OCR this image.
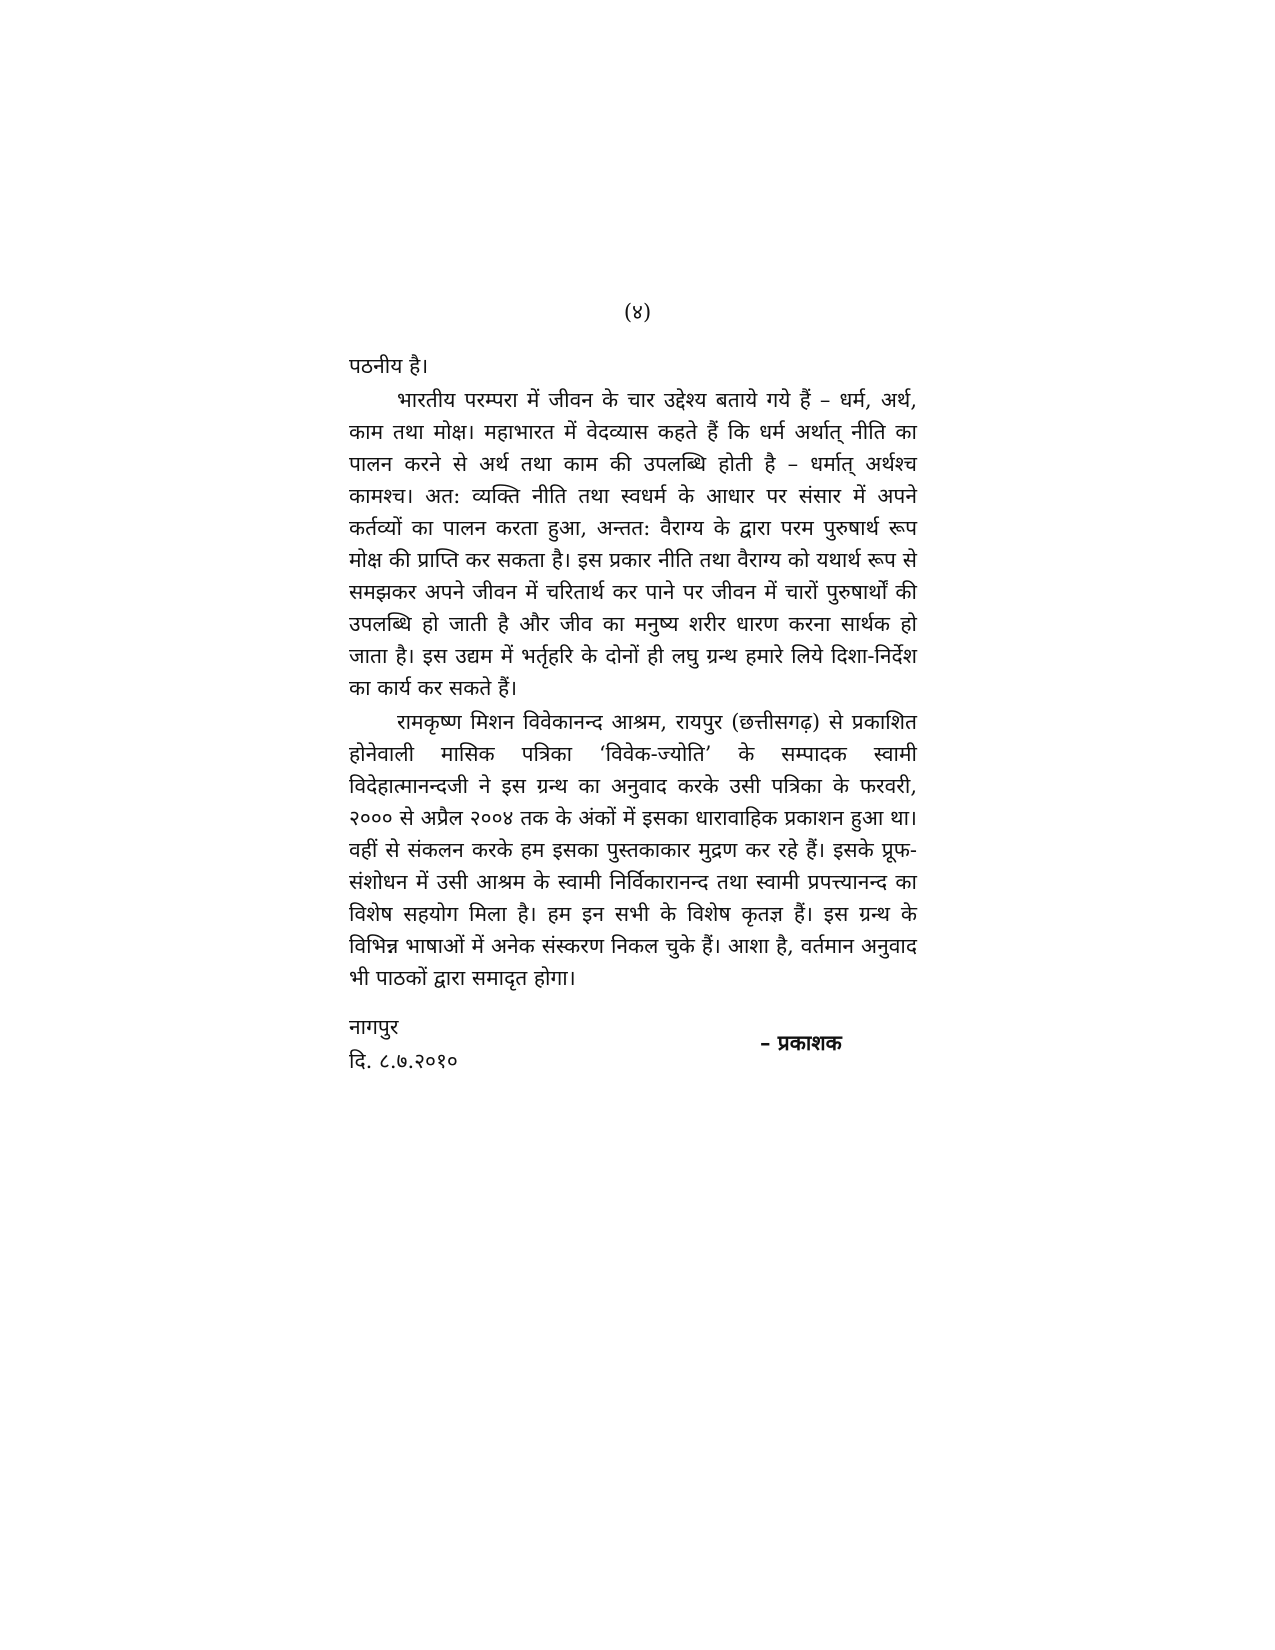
(४)

पठनीय है।

भारतीय परम्परा में जीवन के चार उद्देश्य बताये गये हैं – धर्म, अर्थ, काम तथा मोक्ष। महाभारत में वेदव्यास कहते हैं कि धर्म अर्थात् नीति का पालन करने से अर्थ तथा काम की उपलब्धि होती है – धर्मात् अर्थश्च कामश्च। अत: व्यक्ति नीति तथा स्वधर्म के आधार पर संसार में अपने कर्तव्यों का पालन करता हुआ, अन्तत: वैराग्य के द्वारा परम पुरुषार्थ रूप मोक्ष की प्राप्ति कर सकता है। इस प्रकार नीति तथा वैराग्य को यथार्थ रूप से समझकर अपने जीवन में चरितार्थ कर पाने पर जीवन में चारों पुरुषार्थों की उपलब्धि हो जाती है और जीव का मनुष्य शरीर धारण करना सार्थक हो जाता है। इस उद्यम में भर्तृहरि के दोनों ही लघु ग्रन्थ हमारे लिये दिशा-निर्देश का कार्य कर सकते हैं।

रामकृष्ण मिशन विवेकानन्द आश्रम, रायपुर (छत्तीसगढ़) से प्रकाशित होनेवाली मासिक पत्रिका ‘विवेक-ज्योति’ के सम्पादक स्वामी विदेहात्मानन्दजी ने इस ग्रन्थ का अनुवाद करके उसी पत्रिका के फरवरी, २००० से अप्रैल २००४ तक के अंकों में इसका धारावाहिक प्रकाशन हुआ था। वहीं से संकलन करके हम इसका पुस्तकाकार मुद्रण कर रहे हैं। इसके प्रूफ-संशोधन में उसी आश्रम के स्वामी निर्विकारानन्द तथा स्वामी प्रपत्त्यानन्द का विशेष सहयोग मिला है। हम इन सभी के विशेष कृतज्ञ हैं। इस ग्रन्थ के विभिन्न भाषाओं में अनेक संस्करण निकल चुके हैं। आशा है, वर्तमान अनुवाद भी पाठकों द्वारा समादृत होगा।

नागपुर
दि. ८.७.२०१०
– प्रकाशक
